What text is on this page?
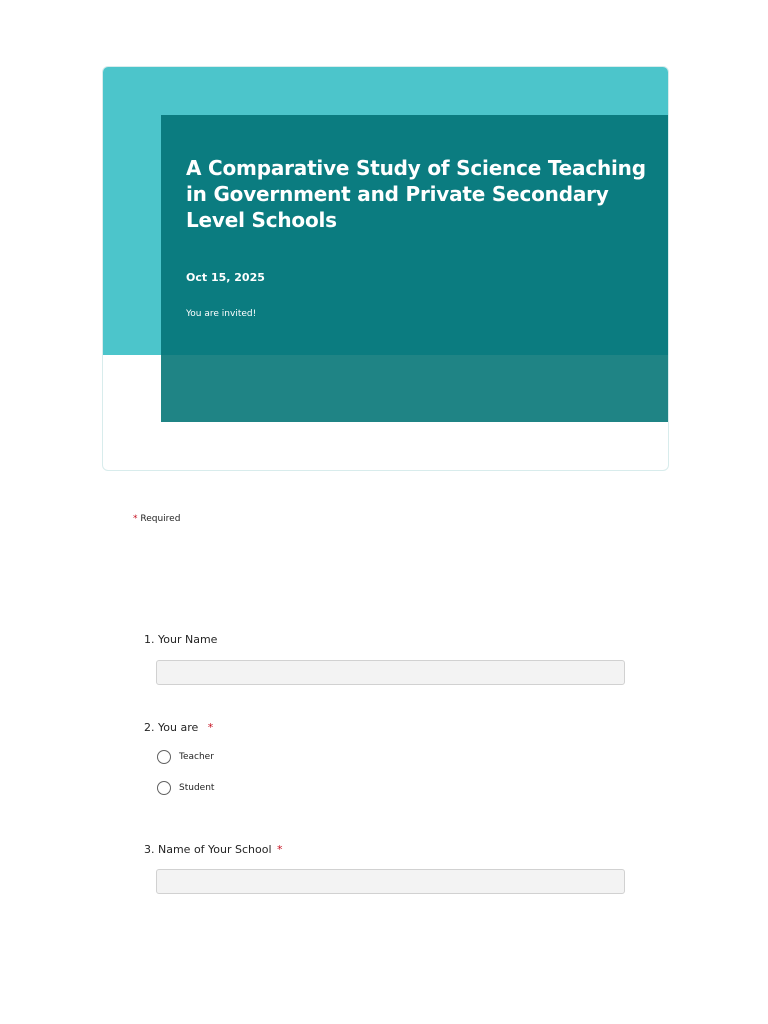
A Comparative Study of Science Teaching in Government and Private Secondary Level Schools
Oct 15, 2025
You are invited!
* Required
1. Your Name
2. You are *
Teacher
Student
3. Name of Your School *
